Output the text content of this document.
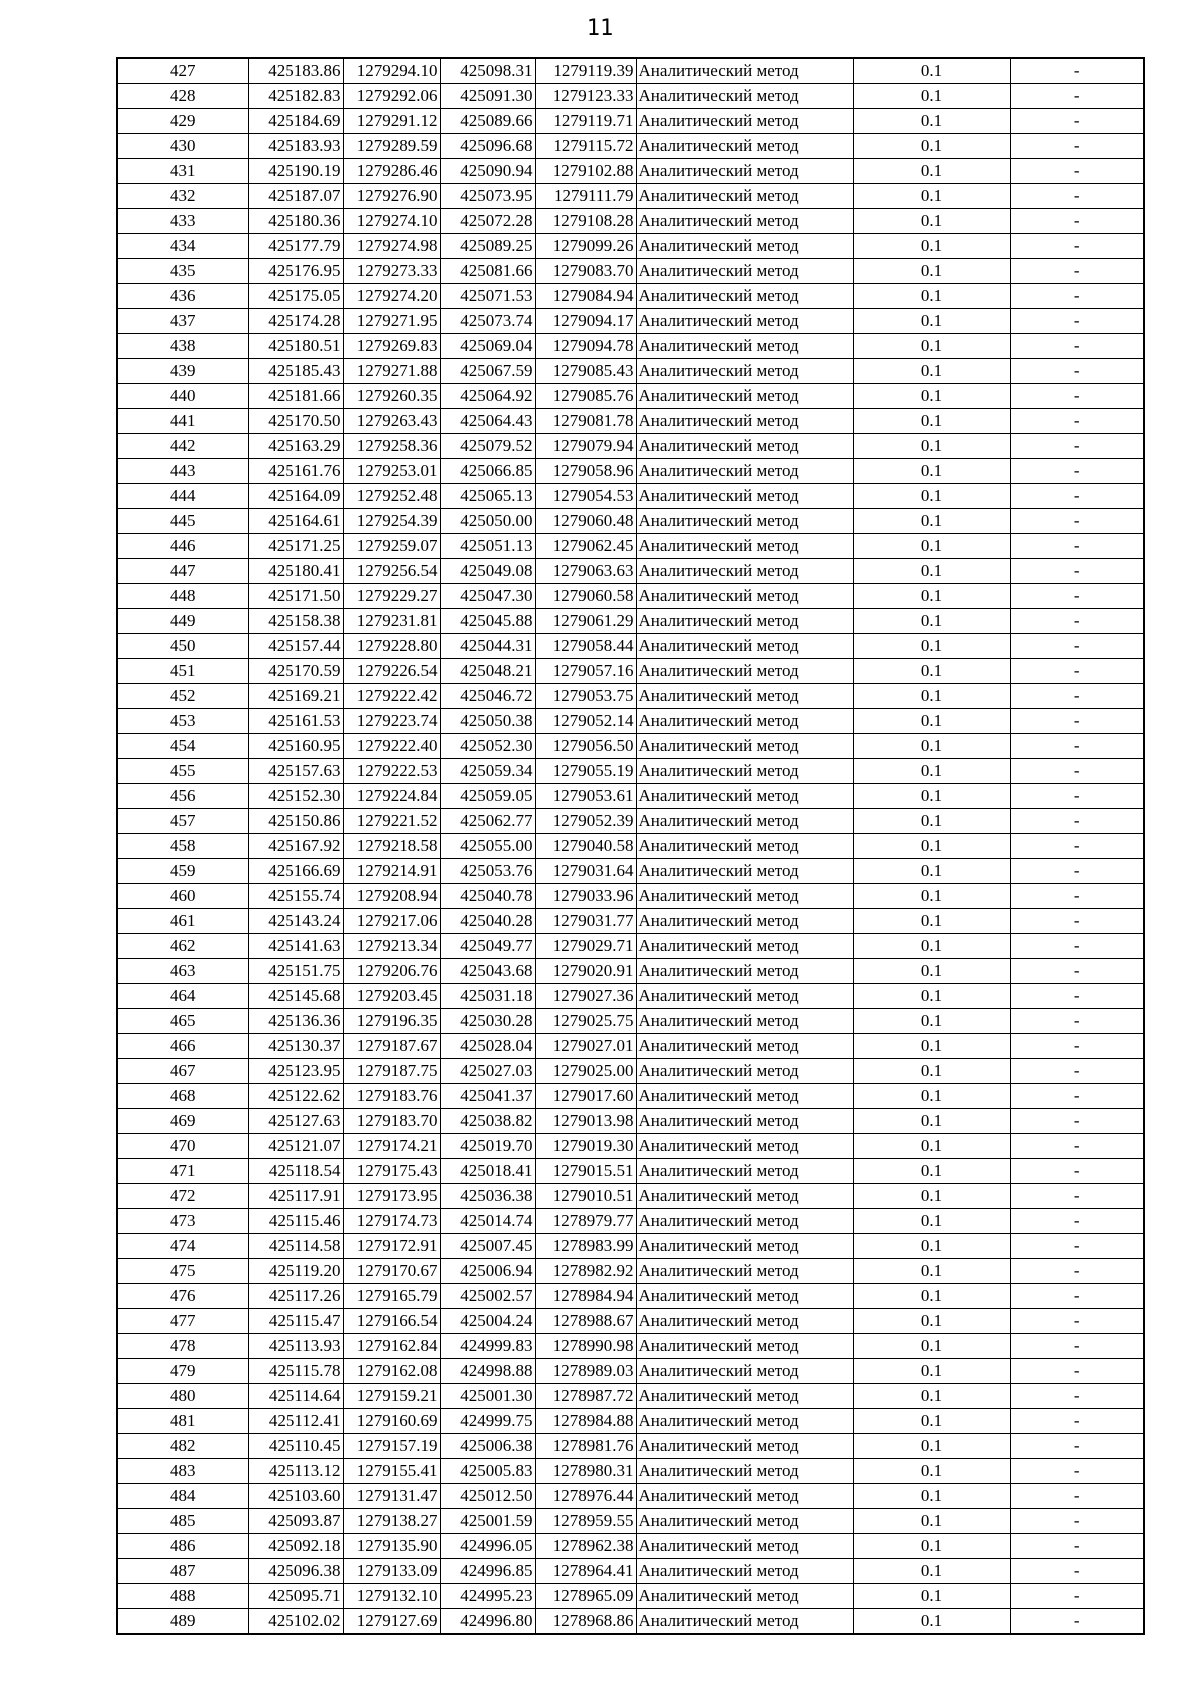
11
427	425183.86	1279294.10	425098.31	1279119.39	Аналитический метод	0.1	-
428	425182.83	1279292.06	425091.30	1279123.33	Аналитический метод	0.1	-
429	425184.69	1279291.12	425089.66	1279119.71	Аналитический метод	0.1	-
430	425183.93	1279289.59	425096.68	1279115.72	Аналитический метод	0.1	-
431	425190.19	1279286.46	425090.94	1279102.88	Аналитический метод	0.1	-
432	425187.07	1279276.90	425073.95	1279111.79	Аналитический метод	0.1	-
433	425180.36	1279274.10	425072.28	1279108.28	Аналитический метод	0.1	-
434	425177.79	1279274.98	425089.25	1279099.26	Аналитический метод	0.1	-
435	425176.95	1279273.33	425081.66	1279083.70	Аналитический метод	0.1	-
436	425175.05	1279274.20	425071.53	1279084.94	Аналитический метод	0.1	-
437	425174.28	1279271.95	425073.74	1279094.17	Аналитический метод	0.1	-
438	425180.51	1279269.83	425069.04	1279094.78	Аналитический метод	0.1	-
439	425185.43	1279271.88	425067.59	1279085.43	Аналитический метод	0.1	-
440	425181.66	1279260.35	425064.92	1279085.76	Аналитический метод	0.1	-
441	425170.50	1279263.43	425064.43	1279081.78	Аналитический метод	0.1	-
442	425163.29	1279258.36	425079.52	1279079.94	Аналитический метод	0.1	-
443	425161.76	1279253.01	425066.85	1279058.96	Аналитический метод	0.1	-
444	425164.09	1279252.48	425065.13	1279054.53	Аналитический метод	0.1	-
445	425164.61	1279254.39	425050.00	1279060.48	Аналитический метод	0.1	-
446	425171.25	1279259.07	425051.13	1279062.45	Аналитический метод	0.1	-
447	425180.41	1279256.54	425049.08	1279063.63	Аналитический метод	0.1	-
448	425171.50	1279229.27	425047.30	1279060.58	Аналитический метод	0.1	-
449	425158.38	1279231.81	425045.88	1279061.29	Аналитический метод	0.1	-
450	425157.44	1279228.80	425044.31	1279058.44	Аналитический метод	0.1	-
451	425170.59	1279226.54	425048.21	1279057.16	Аналитический метод	0.1	-
452	425169.21	1279222.42	425046.72	1279053.75	Аналитический метод	0.1	-
453	425161.53	1279223.74	425050.38	1279052.14	Аналитический метод	0.1	-
454	425160.95	1279222.40	425052.30	1279056.50	Аналитический метод	0.1	-
455	425157.63	1279222.53	425059.34	1279055.19	Аналитический метод	0.1	-
456	425152.30	1279224.84	425059.05	1279053.61	Аналитический метод	0.1	-
457	425150.86	1279221.52	425062.77	1279052.39	Аналитический метод	0.1	-
458	425167.92	1279218.58	425055.00	1279040.58	Аналитический метод	0.1	-
459	425166.69	1279214.91	425053.76	1279031.64	Аналитический метод	0.1	-
460	425155.74	1279208.94	425040.78	1279033.96	Аналитический метод	0.1	-
461	425143.24	1279217.06	425040.28	1279031.77	Аналитический метод	0.1	-
462	425141.63	1279213.34	425049.77	1279029.71	Аналитический метод	0.1	-
463	425151.75	1279206.76	425043.68	1279020.91	Аналитический метод	0.1	-
464	425145.68	1279203.45	425031.18	1279027.36	Аналитический метод	0.1	-
465	425136.36	1279196.35	425030.28	1279025.75	Аналитический метод	0.1	-
466	425130.37	1279187.67	425028.04	1279027.01	Аналитический метод	0.1	-
467	425123.95	1279187.75	425027.03	1279025.00	Аналитический метод	0.1	-
468	425122.62	1279183.76	425041.37	1279017.60	Аналитический метод	0.1	-
469	425127.63	1279183.70	425038.82	1279013.98	Аналитический метод	0.1	-
470	425121.07	1279174.21	425019.70	1279019.30	Аналитический метод	0.1	-
471	425118.54	1279175.43	425018.41	1279015.51	Аналитический метод	0.1	-
472	425117.91	1279173.95	425036.38	1279010.51	Аналитический метод	0.1	-
473	425115.46	1279174.73	425014.74	1278979.77	Аналитический метод	0.1	-
474	425114.58	1279172.91	425007.45	1278983.99	Аналитический метод	0.1	-
475	425119.20	1279170.67	425006.94	1278982.92	Аналитический метод	0.1	-
476	425117.26	1279165.79	425002.57	1278984.94	Аналитический метод	0.1	-
477	425115.47	1279166.54	425004.24	1278988.67	Аналитический метод	0.1	-
478	425113.93	1279162.84	424999.83	1278990.98	Аналитический метод	0.1	-
479	425115.78	1279162.08	424998.88	1278989.03	Аналитический метод	0.1	-
480	425114.64	1279159.21	425001.30	1278987.72	Аналитический метод	0.1	-
481	425112.41	1279160.69	424999.75	1278984.88	Аналитический метод	0.1	-
482	425110.45	1279157.19	425006.38	1278981.76	Аналитический метод	0.1	-
483	425113.12	1279155.41	425005.83	1278980.31	Аналитический метод	0.1	-
484	425103.60	1279131.47	425012.50	1278976.44	Аналитический метод	0.1	-
485	425093.87	1279138.27	425001.59	1278959.55	Аналитический метод	0.1	-
486	425092.18	1279135.90	424996.05	1278962.38	Аналитический метод	0.1	-
487	425096.38	1279133.09	424996.85	1278964.41	Аналитический метод	0.1	-
488	425095.71	1279132.10	424995.23	1278965.09	Аналитический метод	0.1	-
489	425102.02	1279127.69	424996.80	1278968.86	Аналитический метод	0.1	-
